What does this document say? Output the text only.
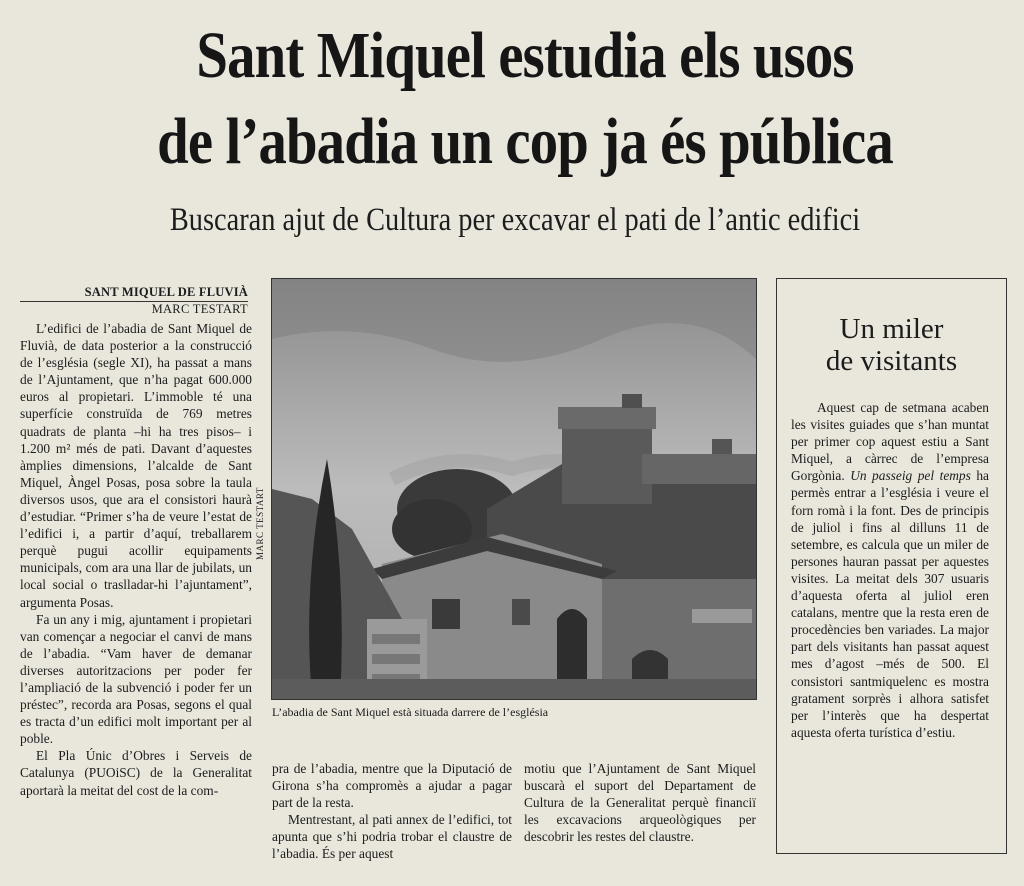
Sant Miquel estudia els usos
de l’abadia un cop ja és pública
Buscaran ajut de Cultura per excavar el pati de l’antic edifici
SANT MIQUEL DE FLUVIÀ
MARC TESTART

L’edifici de l’abadia de Sant Miquel de Fluvià, de data posterior a la construcció de l’església (segle XI), ha passat a mans de l’Ajuntament, que n’ha pagat 600.000 euros al propietari. L’immoble té una superfície construïda de 769 metres quadrats de planta –hi ha tres pisos– i 1.200 m² més de pati. Davant d’aquestes àmplies dimensions, l’alcalde de Sant Miquel, Àngel Posas, posa sobre la taula diversos usos, que ara el consistori haurà d’estudiar. “Primer s’ha de veure l’estat de l’edifici i, a partir d’aquí, treballarem perquè pugui acollir equipaments municipals, com ara una llar de jubilats, un local social o traslladar-hi l’ajuntament”, argumenta Posas.

Fa un any i mig, ajuntament i propietari van començar a negociar el canvi de mans de l’abadia. “Vam haver de demanar diverses autoritzacions per poder fer l’ampliació de la subvenció i poder fer un préstec”, recorda ara Posas, segons el qual es tracta d’un edifici molt important per al poble.

El Pla Únic d’Obres i Serveis de Catalunya (PUOiSC) de la Generalitat aportarà la meitat del cost de la com-

MARC TESTART
L’abadia de Sant Miquel està situada darrere de l’església

pra de l’abadia, mentre que la Diputació de Girona s’ha compromès a ajudar a pagar part de la resta.

Mentrestant, al pati annex de l’edifici, tot apunta que s’hi podria trobar el claustre de l’abadia. És per aquest

motiu que l’Ajuntament de Sant Miquel buscarà el suport del Departament de Cultura de la Generalitat perquè financiï les excavacions arqueològiques per descobrir les restes del claustre.

Un miler
de visitants

Aquest cap de setmana acaben les visites guiades que s’han muntat per primer cop aquest estiu a Sant Miquel, a càrrec de l’empresa Gorgònia. Un passeig pel temps ha permès entrar a l’església i veure el forn romà i la font. Des de principis de juliol i fins al dilluns 11 de setembre, es calcula que un miler de persones hauran passat per aquestes visites. La meitat dels 307 usuaris d’aquesta oferta al juliol eren catalans, mentre que la resta eren de procedències ben variades. La major part dels visitants han passat aquest mes d’agost –més de 500. El consistori santmiquelenc es mostra gratament sorprès i alhora satisfet per l’interès que ha despertat aquesta oferta turística d’estiu.
